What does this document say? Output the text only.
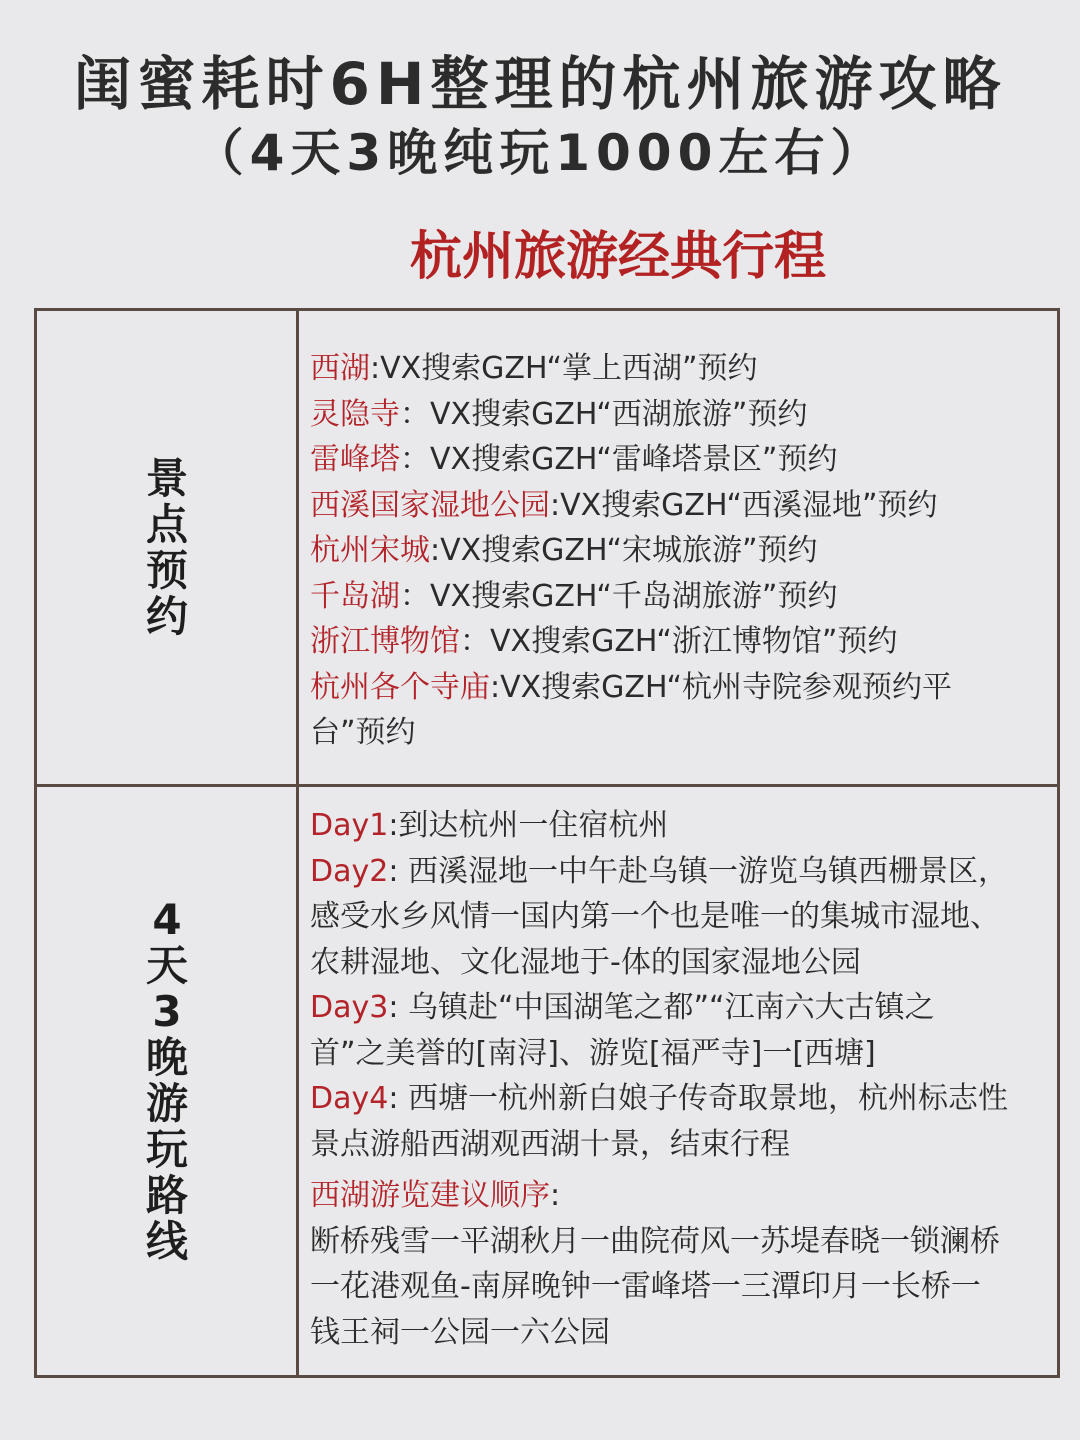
闺蜜耗时6H整理的杭州旅游攻略
（4天3晚纯玩1000左右）
杭州旅游经典行程
景点预约
西湖:VX搜索GZH“掌上西湖”预约
灵隐寺：VX搜索GZH“西湖旅游”预约
雷峰塔：VX搜索GZH“雷峰塔景区”预约
西溪国家湿地公园:VX搜索GZH“西溪湿地”预约
杭州宋城:VX搜索GZH“宋城旅游”预约
千岛湖：VX搜索GZH“千岛湖旅游”预约
浙江博物馆：VX搜索GZH“浙江博物馆”预约
杭州各个寺庙:VX搜索GZH“杭州寺院参观预约平
台”预约
4天3晚游玩路线
Day1:到达杭州一住宿杭州
Day2: 西溪湿地一中午赴乌镇一游览乌镇西栅景区，
感受水乡风情一国内第一个也是唯一的集城市湿地、
农耕湿地、文化湿地于-体的国家湿地公园
Day3: 乌镇赴“中国湖笔之都”“江南六大古镇之
首”之美誉的[南浔]、游览[福严寺]一[西塘]
Day4: 西塘一杭州新白娘子传奇取景地，杭州标志性
景点游船西湖观西湖十景，结束行程
西湖游览建议顺序:
断桥残雪一平湖秋月一曲院荷风一苏堤春晓一锁澜桥
一花港观鱼-南屏晚钟一雷峰塔一三潭印月一长桥一
钱王祠一公园一六公园
